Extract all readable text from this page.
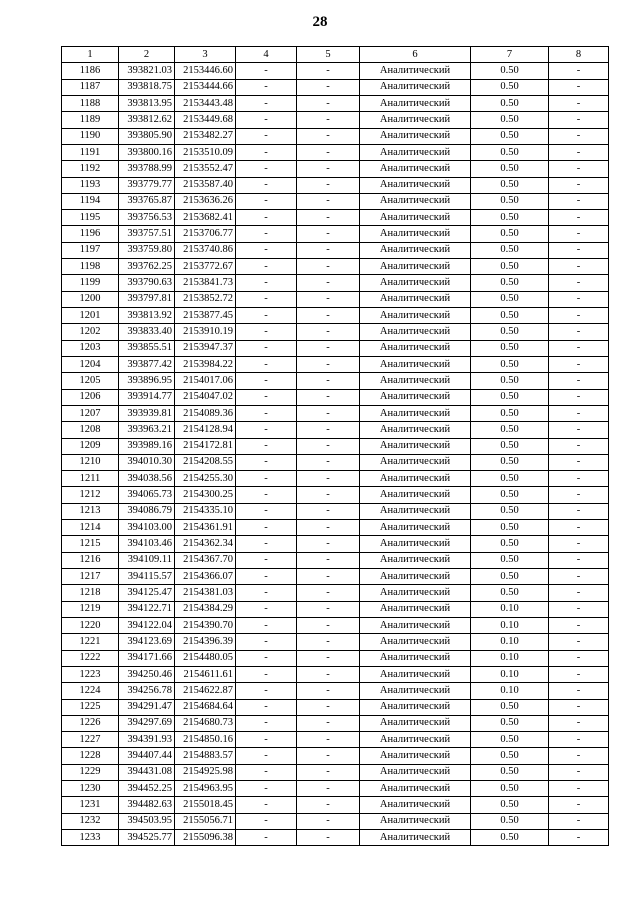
28
1	2	3	4	5	6	7	8
1186	393821.03	2153446.60	-	-	Аналитический	0.50	-
1187	393818.75	2153444.66	-	-	Аналитический	0.50	-
1188	393813.95	2153443.48	-	-	Аналитический	0.50	-
1189	393812.62	2153449.68	-	-	Аналитический	0.50	-
1190	393805.90	2153482.27	-	-	Аналитический	0.50	-
1191	393800.16	2153510.09	-	-	Аналитический	0.50	-
1192	393788.99	2153552.47	-	-	Аналитический	0.50	-
1193	393779.77	2153587.40	-	-	Аналитический	0.50	-
1194	393765.87	2153636.26	-	-	Аналитический	0.50	-
1195	393756.53	2153682.41	-	-	Аналитический	0.50	-
1196	393757.51	2153706.77	-	-	Аналитический	0.50	-
1197	393759.80	2153740.86	-	-	Аналитический	0.50	-
1198	393762.25	2153772.67	-	-	Аналитический	0.50	-
1199	393790.63	2153841.73	-	-	Аналитический	0.50	-
1200	393797.81	2153852.72	-	-	Аналитический	0.50	-
1201	393813.92	2153877.45	-	-	Аналитический	0.50	-
1202	393833.40	2153910.19	-	-	Аналитический	0.50	-
1203	393855.51	2153947.37	-	-	Аналитический	0.50	-
1204	393877.42	2153984.22	-	-	Аналитический	0.50	-
1205	393896.95	2154017.06	-	-	Аналитический	0.50	-
1206	393914.77	2154047.02	-	-	Аналитический	0.50	-
1207	393939.81	2154089.36	-	-	Аналитический	0.50	-
1208	393963.21	2154128.94	-	-	Аналитический	0.50	-
1209	393989.16	2154172.81	-	-	Аналитический	0.50	-
1210	394010.30	2154208.55	-	-	Аналитический	0.50	-
1211	394038.56	2154255.30	-	-	Аналитический	0.50	-
1212	394065.73	2154300.25	-	-	Аналитический	0.50	-
1213	394086.79	2154335.10	-	-	Аналитический	0.50	-
1214	394103.00	2154361.91	-	-	Аналитический	0.50	-
1215	394103.46	2154362.34	-	-	Аналитический	0.50	-
1216	394109.11	2154367.70	-	-	Аналитический	0.50	-
1217	394115.57	2154366.07	-	-	Аналитический	0.50	-
1218	394125.47	2154381.03	-	-	Аналитический	0.50	-
1219	394122.71	2154384.29	-	-	Аналитический	0.10	-
1220	394122.04	2154390.70	-	-	Аналитический	0.10	-
1221	394123.69	2154396.39	-	-	Аналитический	0.10	-
1222	394171.66	2154480.05	-	-	Аналитический	0.10	-
1223	394250.46	2154611.61	-	-	Аналитический	0.10	-
1224	394256.78	2154622.87	-	-	Аналитический	0.10	-
1225	394291.47	2154684.64	-	-	Аналитический	0.50	-
1226	394297.69	2154680.73	-	-	Аналитический	0.50	-
1227	394391.93	2154850.16	-	-	Аналитический	0.50	-
1228	394407.44	2154883.57	-	-	Аналитический	0.50	-
1229	394431.08	2154925.98	-	-	Аналитический	0.50	-
1230	394452.25	2154963.95	-	-	Аналитический	0.50	-
1231	394482.63	2155018.45	-	-	Аналитический	0.50	-
1232	394503.95	2155056.71	-	-	Аналитический	0.50	-
1233	394525.77	2155096.38	-	-	Аналитический	0.50	-
